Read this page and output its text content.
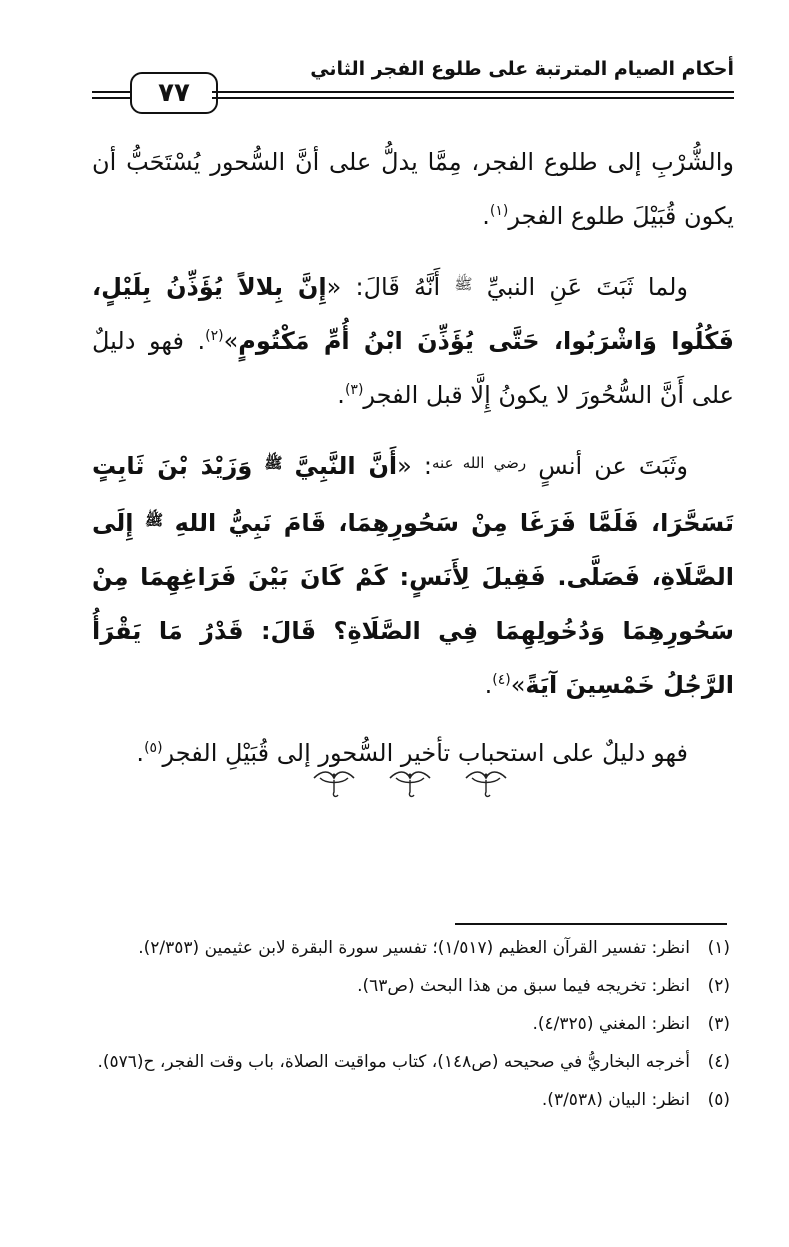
٧٧
أحكام الصيام المترتبة على طلوع الفجر الثاني

والشُّرْبِ إلى طلوع الفجر، مِمَّا يدلُّ على أنَّ السُّحور يُسْتَحَبُّ أن يكون قُبَيْلَ طلوع الفجر$^{(١)}$.

ولما ثَبَتَ عَنِ النبيِّ $^ﷺ$ أَنَّهُ قَالَ: «إِنَّ بِلالاً يُؤَذِّنُ بِلَيْلٍ، فَكُلُوا وَاشْرَبُوا، حَتَّى يُؤَذِّنَ ابْنُ أُمِّ مَكْتُومٍ»$^{(٢)}$. فهو دليلٌ على أَنَّ السُّحُورَ لا يكونُ إِلَّا قبل الفجر$^{(٣)}$.

وثَبَتَ عن أنسٍ $^{رضي الله عنه}$: «أَنَّ النَّبِيَّ $^ﷺ$ وَزَيْدَ بْنَ ثَابِتٍ تَسَحَّرَا، فَلَمَّا فَرَغَا مِنْ سَحُورِهِمَا، قَامَ نَبِيُّ اللهِ $^ﷺ$ إِلَى الصَّلَاةِ، فَصَلَّى. فَقِيلَ لِأَنَسٍ: كَمْ كَانَ بَيْنَ فَرَاغِهِمَا مِنْ سَحُورِهِمَا وَدُخُولِهِمَا فِي الصَّلَاةِ؟ قَالَ: قَدْرُ مَا يَقْرَأُ الرَّجُلُ خَمْسِينَ آيَةً»$^{(٤)}$.

فهو دليلٌ على استحباب تأخير السُّحور إلى قُبَيْلِ الفجر$^{(٥)}$.

(١)
انظر: تفسير القرآن العظيم (١/٥١٧)؛ تفسير سورة البقرة لابن عثيمين (٢/٣٥٣).
(٢)
انظر: تخريجه فيما سبق من هذا البحث (ص٦٣).
(٣)
انظر: المغني (٤/٣٢٥).
(٤)
أخرجه البخاريُّ في صحيحه (ص١٤٨)، كتاب مواقيت الصلاة، باب وقت الفجر، ح(٥٧٦).
(٥)
انظر: البيان (٣/٥٣٨).
